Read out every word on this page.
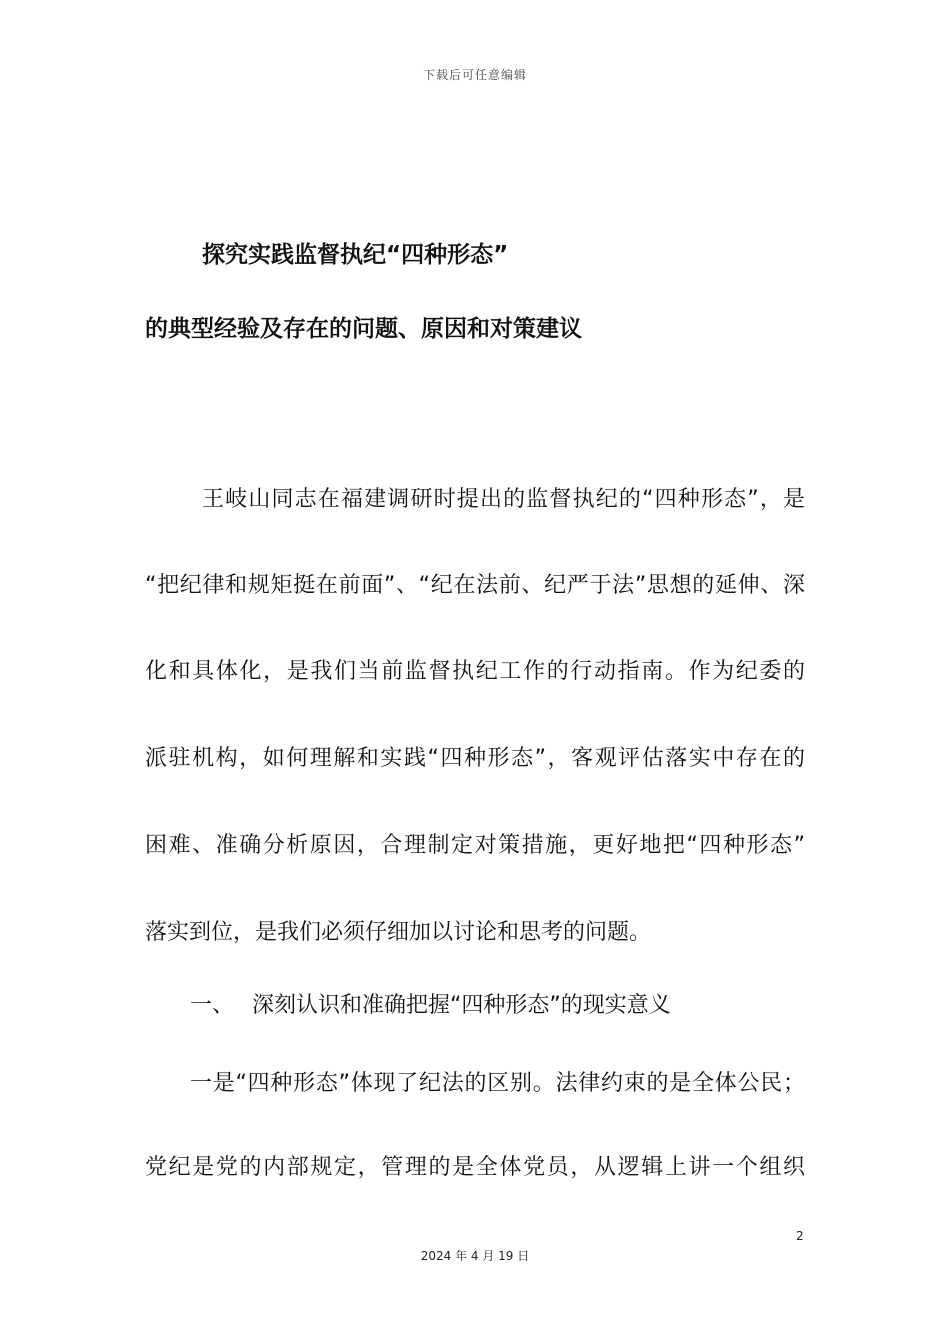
下载后可任意编辑
探究实践监督执纪“四种形态”
的典型经验及存在的问题、原因和对策建议
王岐山同志在福建调研时提出的监督执纪的“四种形态”，是
“把纪律和规矩挺在前面”、“纪在法前、纪严于法”思想的延伸、深
化和具体化，是我们当前监督执纪工作的行动指南。作为纪委的
派驻机构，如何理解和实践“四种形态”，客观评估落实中存在的
困难、准确分析原因，合理制定对策措施，更好地把“四种形态”
落实到位，是我们必须仔细加以讨论和思考的问题。
一、 深刻认识和准确把握“四种形态”的现实意义
一是“四种形态”体现了纪法的区别。法律约束的是全体公民；
党纪是党的内部规定，管理的是全体党员，从逻辑上讲一个组织
2
2024 年 4 月 19 日
